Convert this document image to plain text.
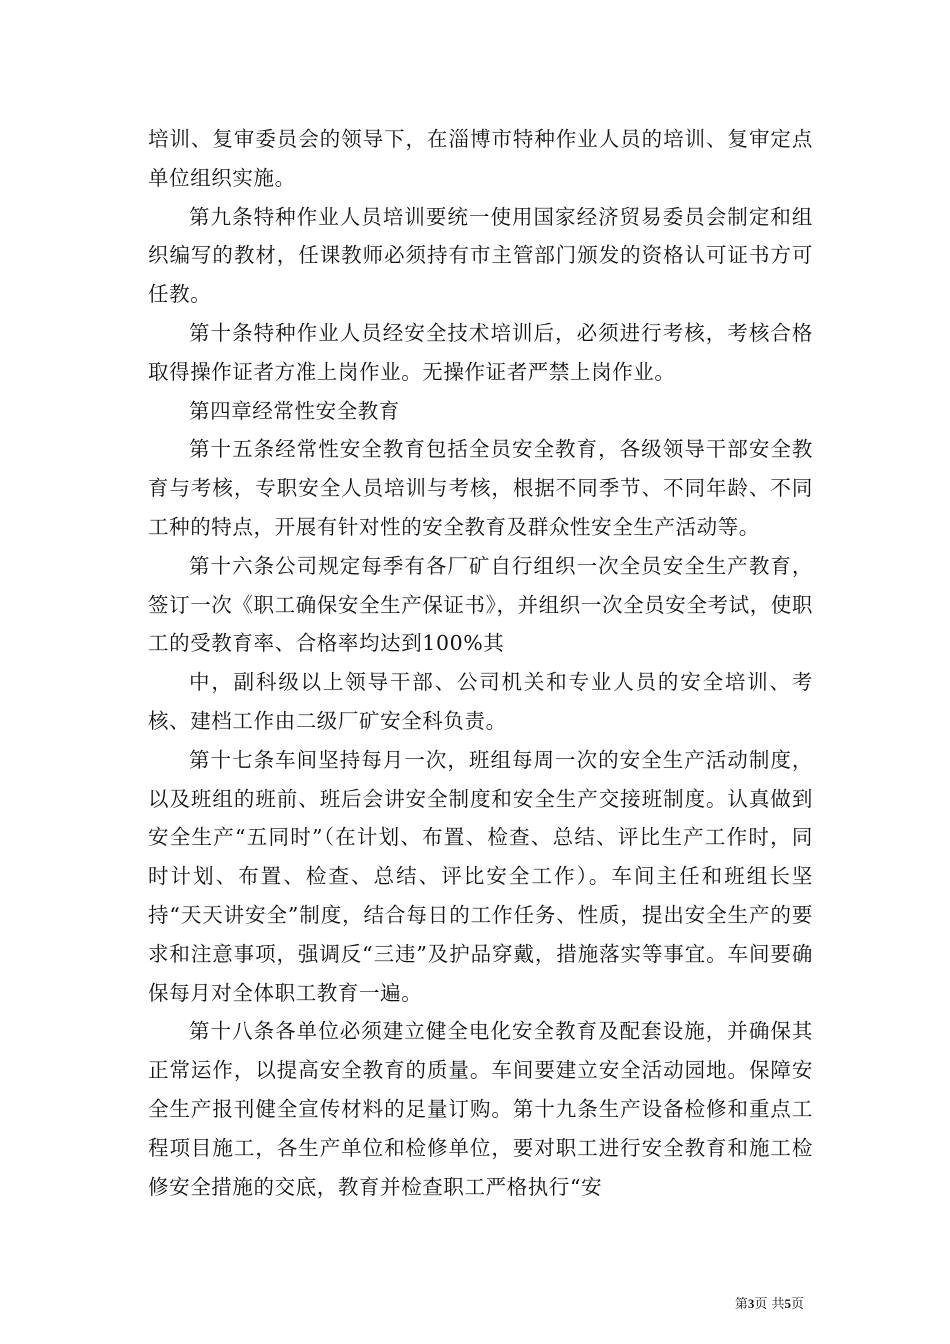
培训、复审委员会的领导下，在淄博市特种作业人员的培训、复审定点单位组织实施。

第九条特种作业人员培训要统一使用国家经济贸易委员会制定和组织编写的教材，任课教师必须持有市主管部门颁发的资格认可证书方可任教。

第十条特种作业人员经安全技术培训后，必须进行考核，考核合格取得操作证者方准上岗作业。无操作证者严禁上岗作业。

第四章经常性安全教育

第十五条经常性安全教育包括全员安全教育，各级领导干部安全教育与考核，专职安全人员培训与考核，根据不同季节、不同年龄、不同工种的特点，开展有针对性的安全教育及群众性安全生产活动等。

第十六条公司规定每季有各厂矿自行组织一次全员安全生产教育，签订一次《职工确保安全生产保证书》，并组织一次全员安全考试，使职工的受教育率、合格率均达到100%其

中，副科级以上领导干部、公司机关和专业人员的安全培训、考核、建档工作由二级厂矿安全科负责。

第十七条车间坚持每月一次，班组每周一次的安全生产活动制度，以及班组的班前、班后会讲安全制度和安全生产交接班制度。认真做到安全生产“五同时”（在计划、布置、检查、总结、评比生产工作时，同时计划、布置、检查、总结、评比安全工作）。车间主任和班组长坚持“天天讲安全”制度，结合每日的工作任务、性质，提出安全生产的要求和注意事项，强调反“三违”及护品穿戴，措施落实等事宜。车间要确保每月对全体职工教育一遍。

第十八条各单位必须建立健全电化安全教育及配套设施，并确保其正常运作，以提高安全教育的质量。车间要建立安全活动园地。保障安全生产报刊健全宣传材料的足量订购。第十九条生产设备检修和重点工程项目施工，各生产单位和检修单位，要对职工进行安全教育和施工检修安全措施的交底，教育并检查职工严格执行“安

第3页 共5页
